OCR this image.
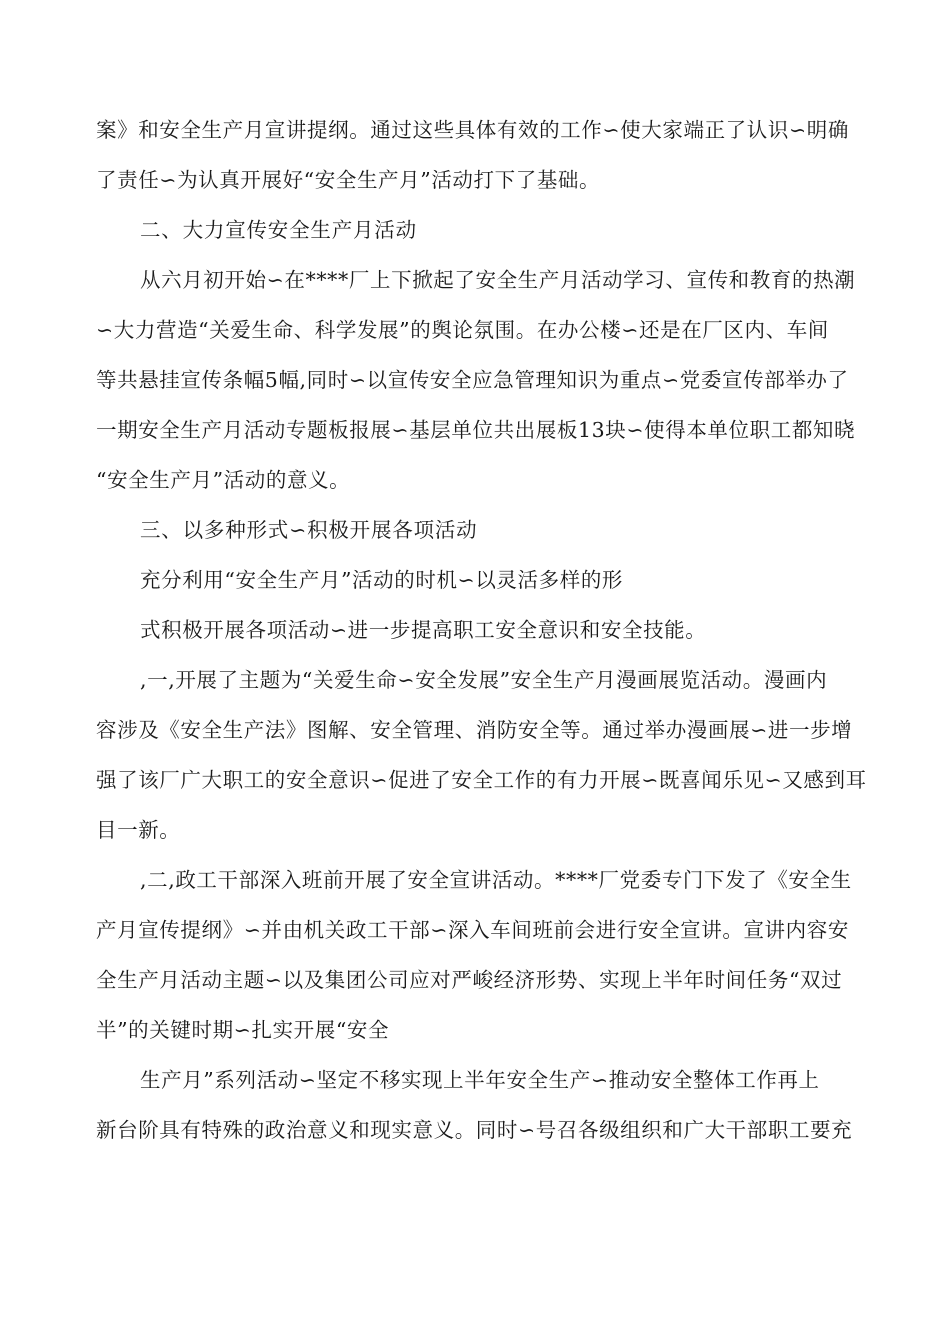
案》和安全生产月宣讲提纲。通过这些具体有效的工作∽使大家端正了认识∽明确
了责任∽为认真开展好“安全生产月”活动打下了基础。
二、大力宣传安全生产月活动
从六月初开始∽在****厂上下掀起了安全生产月活动学习、宣传和教育的热潮
∽大力营造“关爱生命、科学发展”的舆论氛围。在办公楼∽还是在厂区内、车间
等共悬挂宣传条幅5幅,同时∽以宣传安全应急管理知识为重点∽党委宣传部举办了
一期安全生产月活动专题板报展∽基层单位共出展板13块∽使得本单位职工都知晓
“安全生产月”活动的意义。
三、以多种形式∽积极开展各项活动
充分利用“安全生产月”活动的时机∽以灵活多样的形
式积极开展各项活动∽进一步提高职工安全意识和安全技能。
,一,开展了主题为“关爱生命∽安全发展”安全生产月漫画展览活动。漫画内
容涉及《安全生产法》图解、安全管理、消防安全等。通过举办漫画展∽进一步增
强了该厂广大职工的安全意识∽促进了安全工作的有力开展∽既喜闻乐见∽又感到耳
目一新。
,二,政工干部深入班前开展了安全宣讲活动。****厂党委专门下发了《安全生
产月宣传提纲》∽并由机关政工干部∽深入车间班前会进行安全宣讲。宣讲内容安
全生产月活动主题∽以及集团公司应对严峻经济形势、实现上半年时间任务“双过
半”的关键时期∽扎实开展“安全
生产月”系列活动∽坚定不移实现上半年安全生产∽推动安全整体工作再上
新台阶具有特殊的政治意义和现实意义。同时∽号召各级组织和广大干部职工要充
